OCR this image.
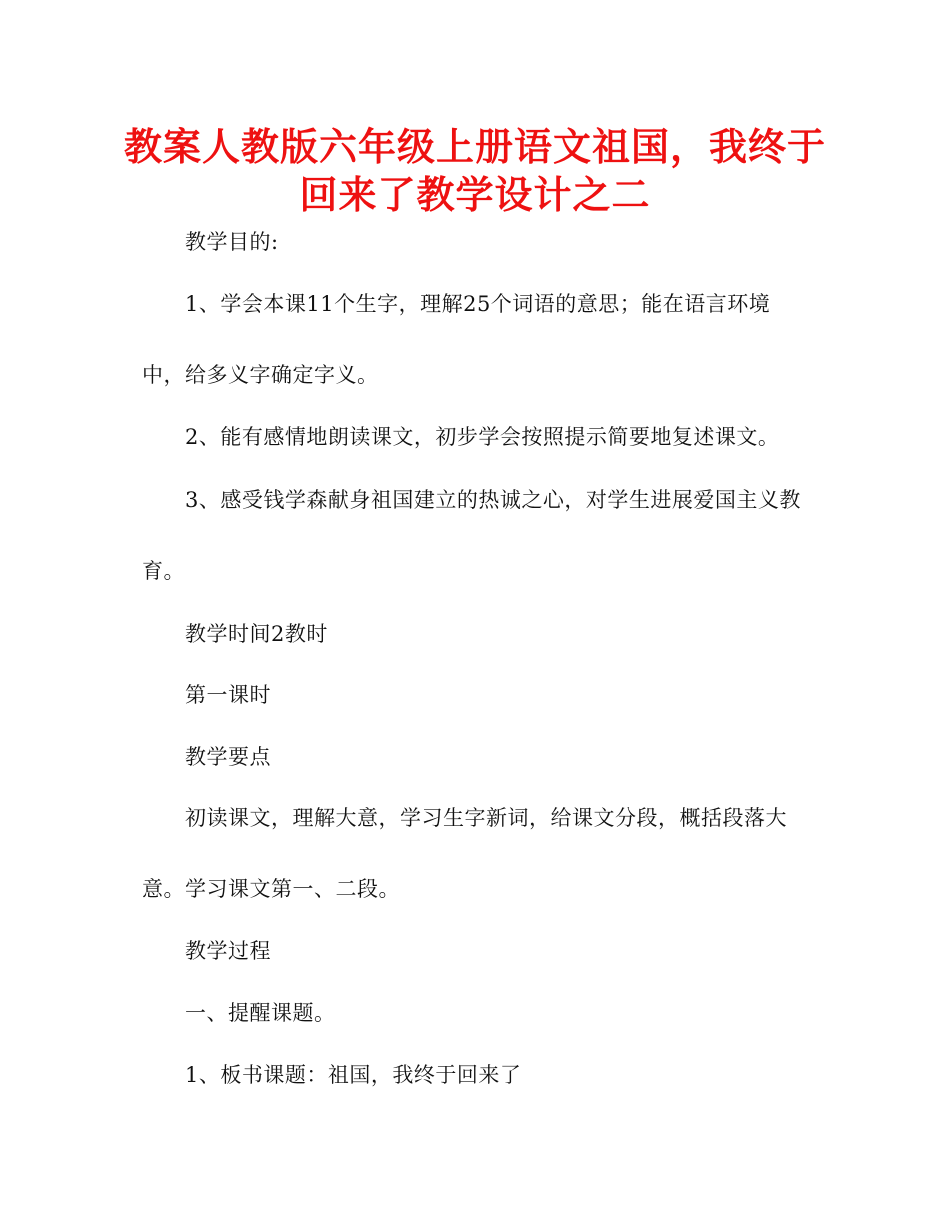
教案人教版六年级上册语文祖国，我终于
回来了教学设计之二
教学目的:
1、学会本课11个生字，理解25个词语的意思；能在语言环境
中，给多义字确定字义。
2、能有感情地朗读课文，初步学会按照提示简要地复述课文。
3、感受钱学森献身祖国建立的热诚之心，对学生进展爱国主义教
育。
教学时间2教时
第一课时
教学要点
初读课文，理解大意，学习生字新词，给课文分段，概括段落大
意。学习课文第一、二段。
教学过程
一、提醒课题。
1、板书课题：祖国，我终于回来了
